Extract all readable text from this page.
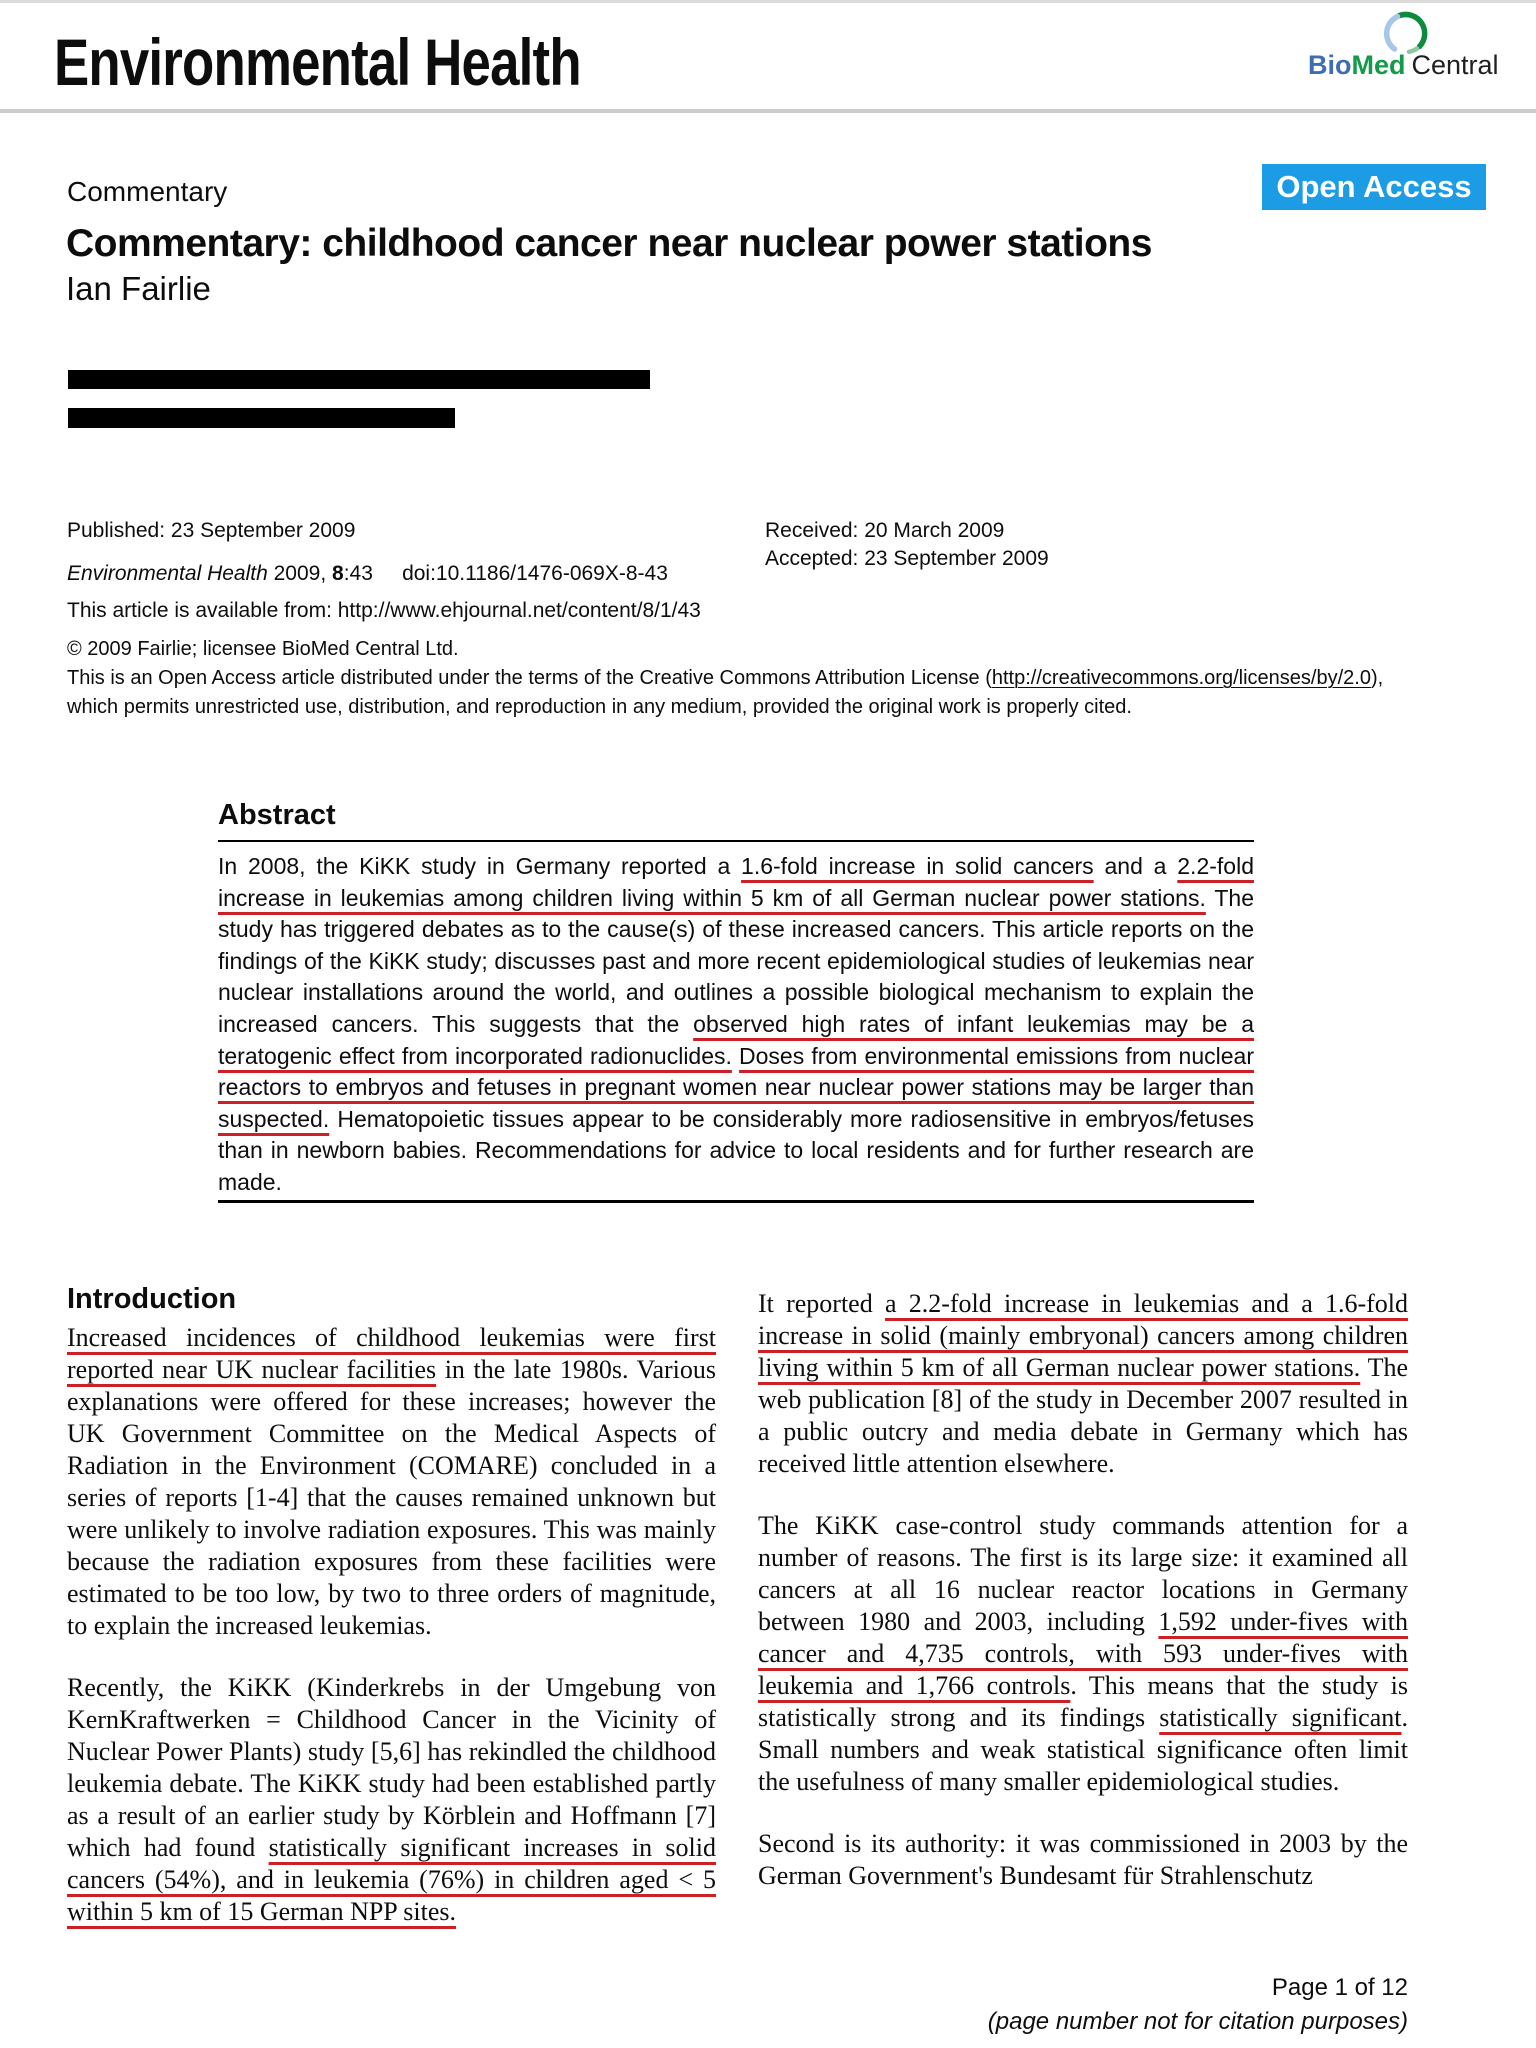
Environmental Health	BioMed Central
Commentary	Open Access
Commentary: childhood cancer near nuclear power stations
Ian Fairlie
Published: 23 September 2009	Received: 20 March 2009
Accepted: 23 September 2009
Environmental Health 2009, 8:43     doi:10.1186/1476-069X-8-43
This article is available from: http://www.ehjournal.net/content/8/1/43
© 2009 Fairlie; licensee BioMed Central Ltd.
This is an Open Access article distributed under the terms of the Creative Commons Attribution License (http://creativecommons.org/licenses/by/2.0), which permits unrestricted use, distribution, and reproduction in any medium, provided the original work is properly cited.
Abstract
In 2008, the KiKK study in Germany reported a 1.6-fold increase in solid cancers and a 2.2-fold increase in leukemias among children living within 5 km of all German nuclear power stations. The study has triggered debates as to the cause(s) of these increased cancers. This article reports on the findings of the KiKK study; discusses past and more recent epidemiological studies of leukemias near nuclear installations around the world, and outlines a possible biological mechanism to explain the increased cancers. This suggests that the observed high rates of infant leukemias may be a teratogenic effect from incorporated radionuclides. Doses from environmental emissions from nuclear reactors to embryos and fetuses in pregnant women near nuclear power stations may be larger than suspected. Hematopoietic tissues appear to be considerably more radiosensitive in embryos/fetuses than in newborn babies. Recommendations for advice to local residents and for further research are made.
Introduction
Increased incidences of childhood leukemias were first reported near UK nuclear facilities in the late 1980s. Various explanations were offered for these increases; however the UK Government Committee on the Medical Aspects of Radiation in the Environment (COMARE) concluded in a series of reports [1-4] that the causes remained unknown but were unlikely to involve radiation exposures. This was mainly because the radiation exposures from these facilities were estimated to be too low, by two to three orders of magnitude, to explain the increased leukemias.
Recently, the KiKK (Kinderkrebs in der Umgebung von KernKraftwerken = Childhood Cancer in the Vicinity of Nuclear Power Plants) study [5,6] has rekindled the childhood leukemia debate. The KiKK study had been established partly as a result of an earlier study by Körblein and Hoffmann [7] which had found statistically significant increases in solid cancers (54%), and in leukemia (76%) in children aged < 5 within 5 km of 15 German NPP sites.
It reported a 2.2-fold increase in leukemias and a 1.6-fold increase in solid (mainly embryonal) cancers among children living within 5 km of all German nuclear power stations. The web publication [8] of the study in December 2007 resulted in a public outcry and media debate in Germany which has received little attention elsewhere.
The KiKK case-control study commands attention for a number of reasons. The first is its large size: it examined all cancers at all 16 nuclear reactor locations in Germany between 1980 and 2003, including 1,592 under-fives with cancer and 4,735 controls, with 593 under-fives with leukemia and 1,766 controls. This means that the study is statistically strong and its findings statistically significant. Small numbers and weak statistical significance often limit the usefulness of many smaller epidemiological studies.
Second is its authority: it was commissioned in 2003 by the German Government's Bundesamt für Strahlenschutz
Page 1 of 12
(page number not for citation purposes)
